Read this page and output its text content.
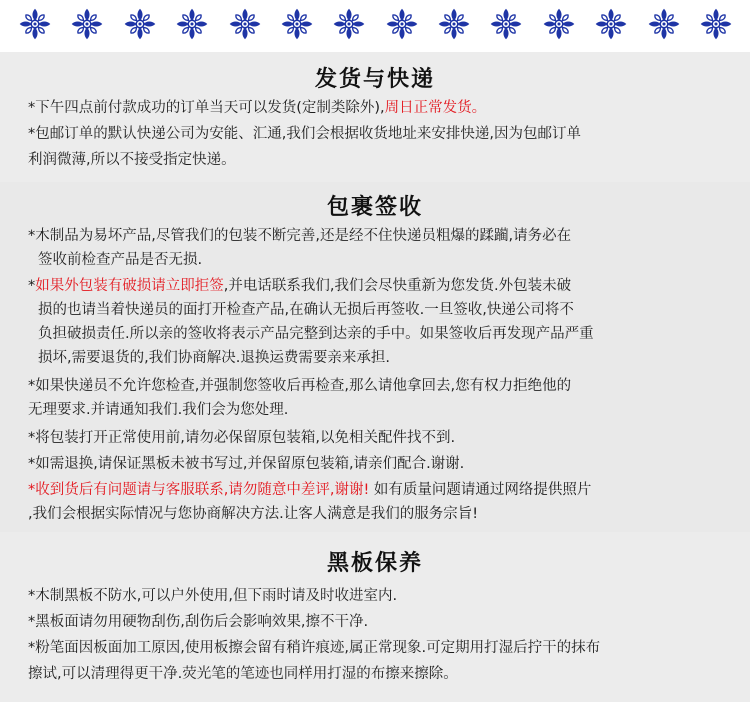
发货与快递
*下午四点前付款成功的订单当天可以发货(定制类除外),周日正常发货。
*包邮订单的默认快递公司为安能、汇通,我们会根据收货地址来安排快递,因为包邮订单
利润微薄,所以不接受指定快递。
包裹签收
*木制品为易坏产品,尽管我们的包装不断完善,还是经不住快递员粗爆的蹂躏,请务必在
签收前检查产品是否无损.
*如果外包装有破损请立即拒签,并电话联系我们,我们会尽快重新为您发货.外包装未破
损的也请当着快递员的面打开检查产品,在确认无损后再签收.一旦签收,快递公司将不
负担破损责任.所以亲的签收将表示产品完整到达亲的手中。如果签收后再发现产品严重
损坏,需要退货的,我们协商解决.退换运费需要亲来承担.
*如果快递员不允许您检查,并强制您签收后再检查,那么请他拿回去,您有权力拒绝他的
无理要求.并请通知我们.我们会为您处理.
*将包装打开正常使用前,请勿必保留原包装箱,以免相关配件找不到.
*如需退换,请保证黑板未被书写过,并保留原包装箱,请亲们配合.谢谢.
*收到货后有问题请与客服联系,请勿随意中差评,谢谢! 如有质量问题请通过网络提供照片
,我们会根据实际情况与您协商解决方法.让客人满意是我们的服务宗旨!
黑板保养
*木制黑板不防水,可以户外使用,但下雨时请及时收进室内.
*黑板面请勿用硬物刮伤,刮伤后会影响效果,擦不干净.
*粉笔面因板面加工原因,使用板擦会留有稍许痕迹,属正常现象.可定期用打湿后拧干的抹布
擦试,可以清理得更干净.荧光笔的笔迹也同样用打湿的布擦来擦除。
